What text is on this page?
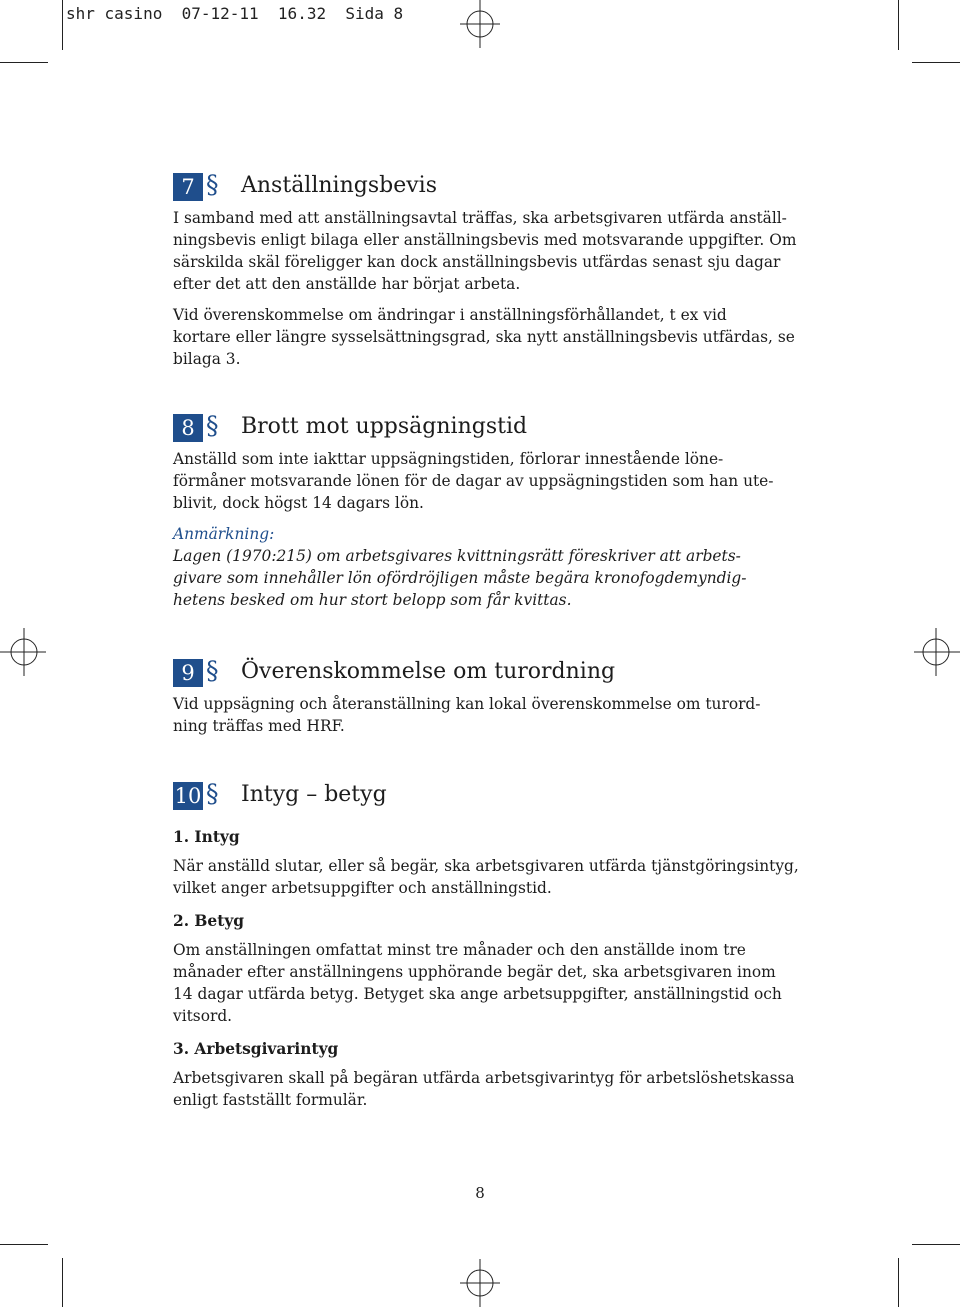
shr casino  07-12-11  16.32  Sida 8
7 § Anställningsbevis

I samband med att anställningsavtal träffas, ska arbetsgivaren utfärda anställ-
ningsbevis enligt bilaga eller anställningsbevis med motsvarande uppgifter. Om
särskilda skäl föreligger kan dock anställningsbevis utfärdas senast sju dagar
efter det att den anställde har börjat arbeta.

Vid överenskommelse om ändringar i anställningsförhållandet, t ex vid
kortare eller längre sysselsättningsgrad, ska nytt anställningsbevis utfärdas, se
bilaga 3.

8 § Brott mot uppsägningstid

Anställd som inte iakttar uppsägningstiden, förlorar innestående löne-
förmåner motsvarande lönen för de dagar av uppsägningstiden som han ute-
blivit, dock högst 14 dagars lön.

Anmärkning:
Lagen (1970:215) om arbetsgivares kvittningsrätt föreskriver att arbets-
givare som innehåller lön ofördröjligen måste begära kronofogdemyndig-
hetens besked om hur stort belopp som får kvittas.
9 § Överenskommelse om turordning

Vid uppsägning och återanställning kan lokal överenskommelse om turord-
ning träffas med HRF.

10 § Intyg – betyg
1. Intyg

När anställd slutar, eller så begär, ska arbetsgivaren utfärda tjänstgöringsintyg,
vilket anger arbetsuppgifter och anställningstid.

2. Betyg

Om anställningen omfattat minst tre månader och den anställde inom tre
månader efter anställningens upphörande begär det, ska arbetsgivaren inom
14 dagar utfärda betyg. Betyget ska ange arbetsuppgifter, anställningstid och
vitsord.

3. Arbetsgivarintyg

Arbetsgivaren skall på begäran utfärda arbetsgivarintyg för arbetslöshetskassa
enligt fastställt formulär.

8
